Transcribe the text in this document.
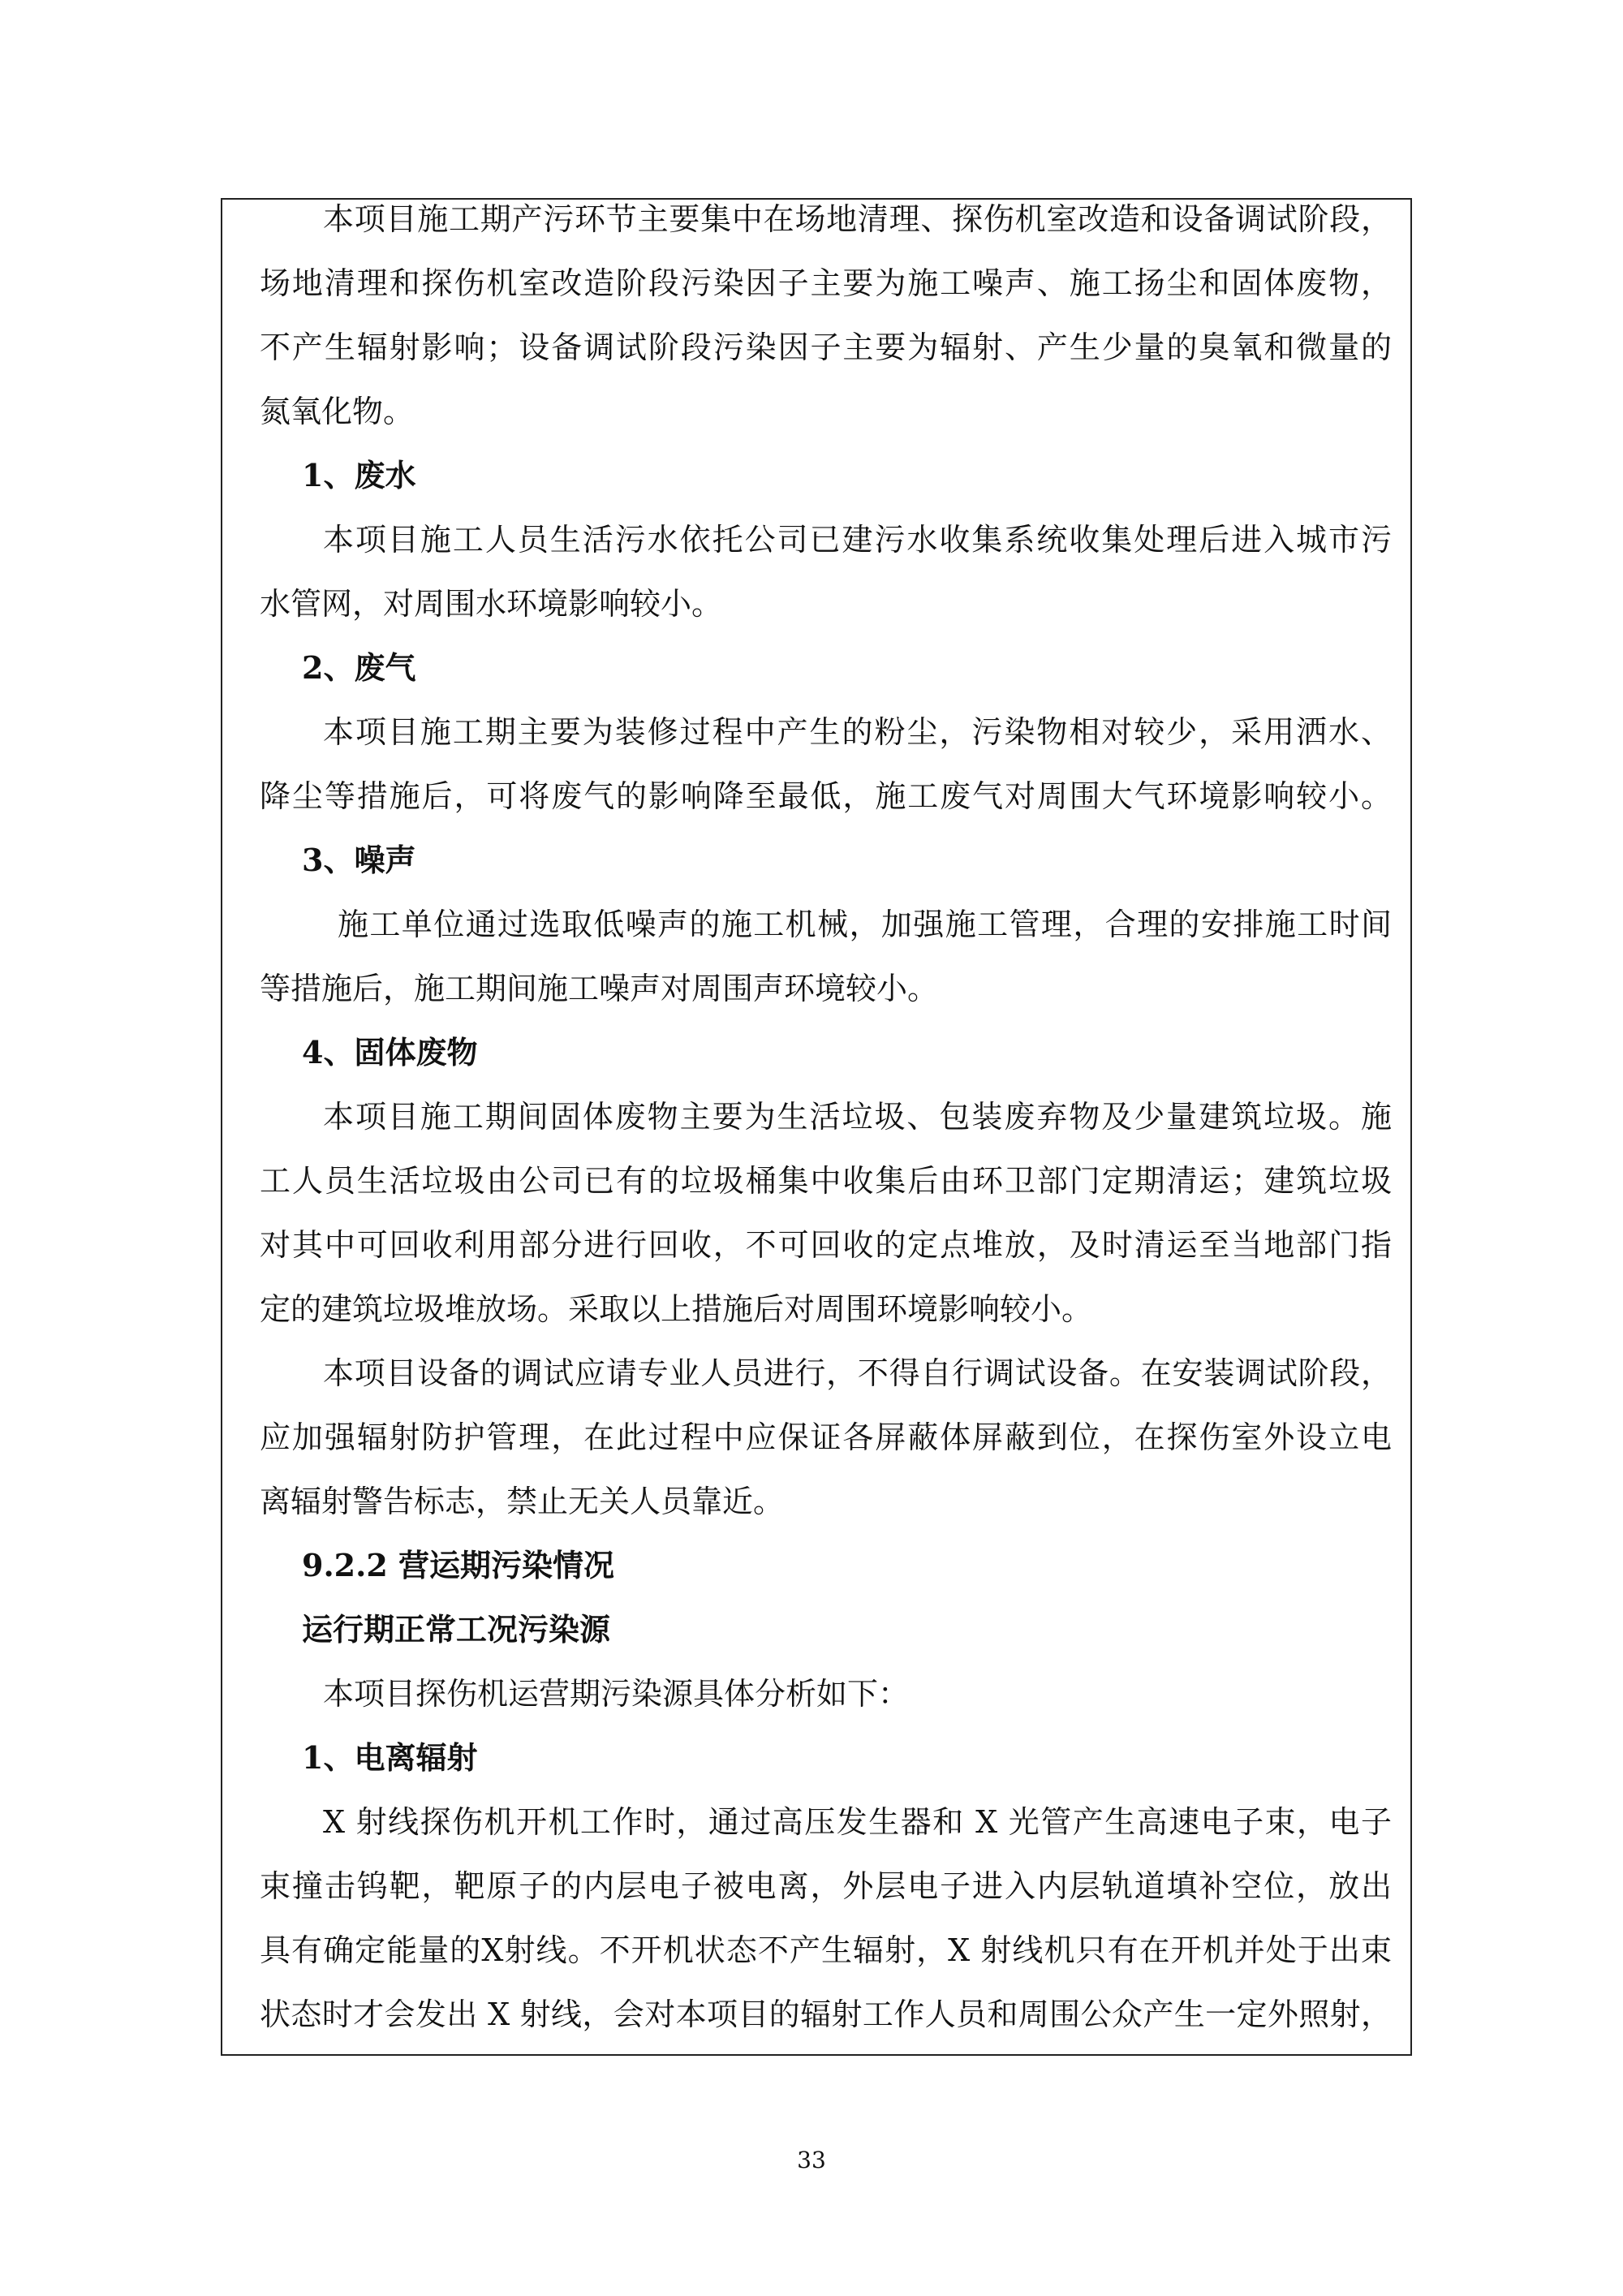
33
本项目施工期产污环节主要集中在场地清理、探伤机室改造和设备调试阶段，
场地清理和探伤机室改造阶段污染因子主要为施工噪声、施工扬尘和固体废物，
不产生辐射影响；设备调试阶段污染因子主要为辐射、产生少量的臭氧和微量的
氮氧化物。
1、废水
本项目施工人员生活污水依托公司已建污水收集系统收集处理后进入城市污
水管网，对周围水环境影响较小。
2、废气
本项目施工期主要为装修过程中产生的粉尘，污染物相对较少，采用洒水、
降尘等措施后，可将废气的影响降至最低，施工废气对周围大气环境影响较小。
3、噪声
施工单位通过选取低噪声的施工机械，加强施工管理，合理的安排施工时间
等措施后，施工期间施工噪声对周围声环境较小。
4、固体废物
本项目施工期间固体废物主要为生活垃圾、包装废弃物及少量建筑垃圾。施
工人员生活垃圾由公司已有的垃圾桶集中收集后由环卫部门定期清运；建筑垃圾
对其中可回收利用部分进行回收，不可回收的定点堆放，及时清运至当地部门指
定的建筑垃圾堆放场。采取以上措施后对周围环境影响较小。
本项目设备的调试应请专业人员进行，不得自行调试设备。在安装调试阶段，
应加强辐射防护管理，在此过程中应保证各屏蔽体屏蔽到位，在探伤室外设立电
离辐射警告标志，禁止无关人员靠近。
9.2.2 营运期污染情况
运行期正常工况污染源
本项目探伤机运营期污染源具体分析如下：
1、电离辐射
X 射线探伤机开机工作时，通过高压发生器和 X 光管产生高速电子束，电子
束撞击钨靶，靶原子的内层电子被电离，外层电子进入内层轨道填补空位，放出
具有确定能量的X射线。不开机状态不产生辐射，X 射线机只有在开机并处于出束
状态时才会发出 X 射线，会对本项目的辐射工作人员和周围公众产生一定外照射，
